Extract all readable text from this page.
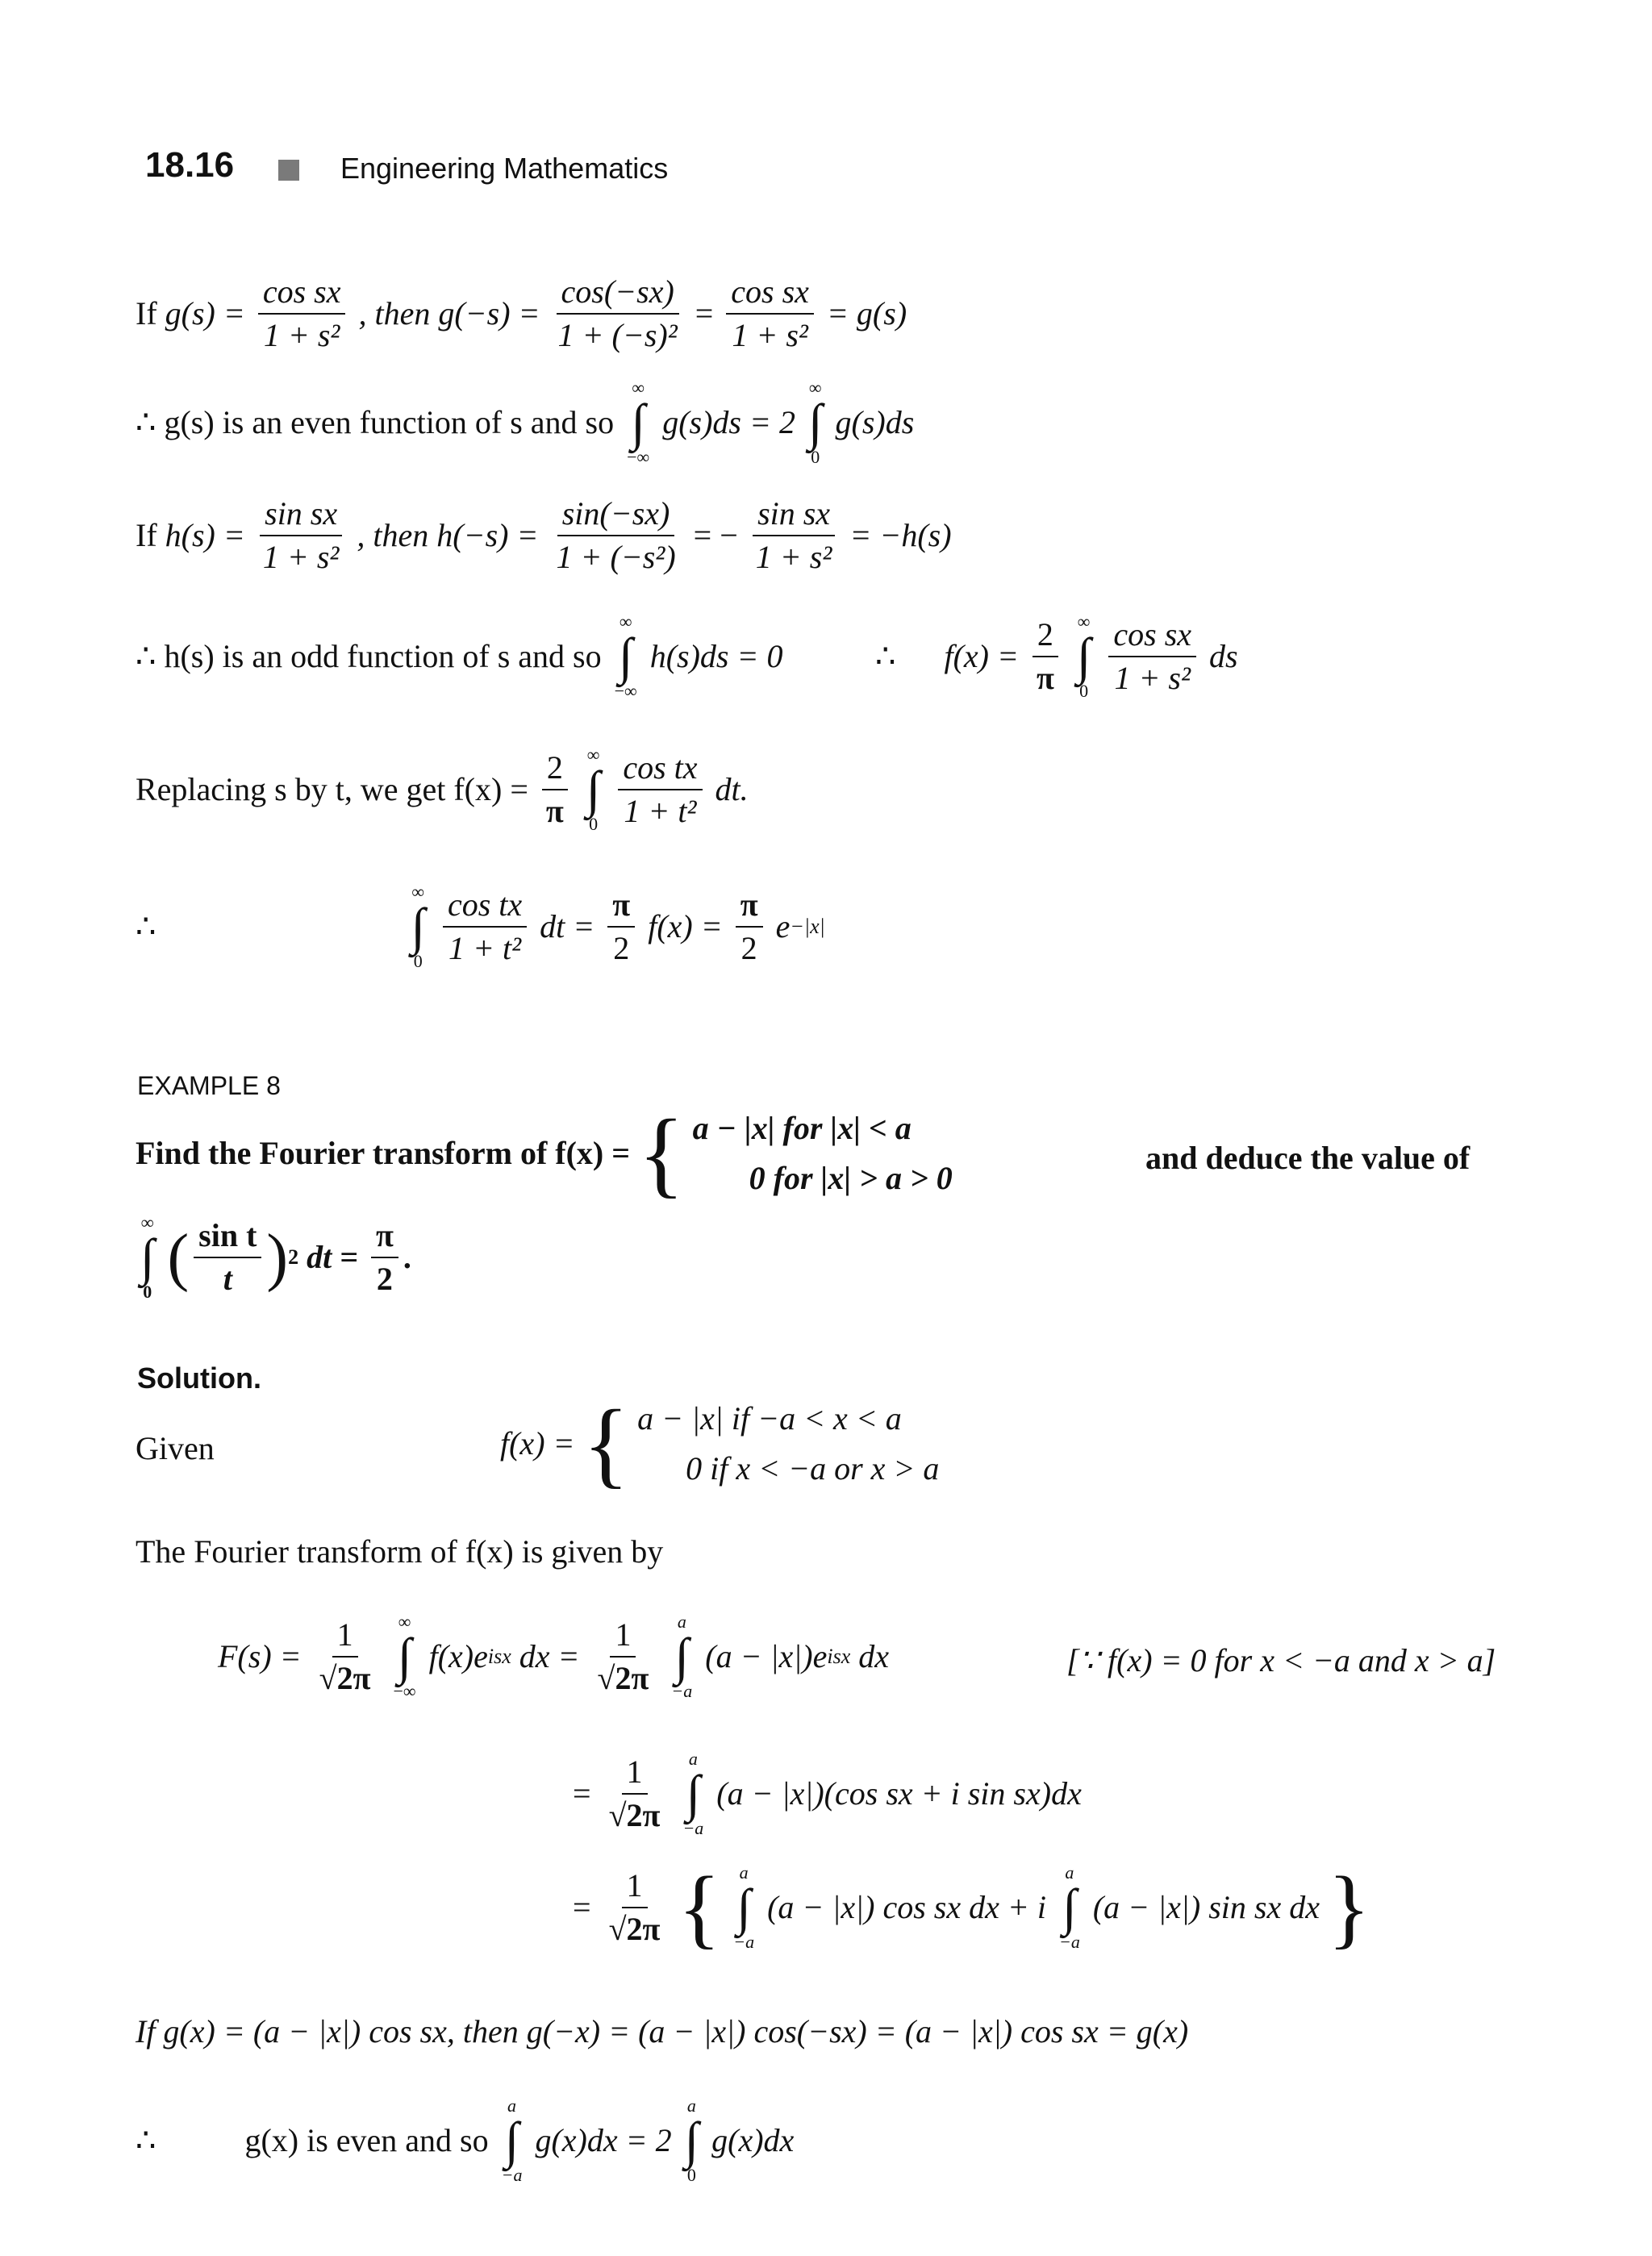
18.16	Engineering Mathematics
If $g(s) = \frac{\text{cos sx}}{\text{1 + s²}}$ , then $g(-s) = \frac{\cos(-sx)}{\text{1 + (−s)²}} = \frac{\text{cos sx}}{\text{1 + s²}} = g(s)$
∴ g(s) is an even function of s and so
∞
∫
−∞
g(s)ds = 2
∞
∫
0
g(s)ds
If $h(s) = \frac{\text{sin sx}}{\text{1 + s²}}$ , then $h(-s) = \frac{\sin(-sx)}{\text{1 + (−s²)}}$ = − $\frac{\text{sin sx}}{\text{1 + s²}} = -h(s)$
∴ h(s) is an odd function of s and so
∞
∫
−∞
h(s)ds = 0	∴ $f(x) = \frac{2}{\pi}$
∞
∫
0
$\frac{\text{cos sx}}{\text{1 + s²}}$ ds
Replacing s by t, we get $f(x) = \frac{2}{\pi}$
∞
∫
0
$\frac{\text{cos tx}}{\text{1 + t²}}$ dt.
∴
∞
∫
0
$\frac{\text{cos tx}}{\text{1 + t²}}$ dt = $\frac{\pi}{2} f(x) = \frac{\pi}{2} e-|x|$
EXAMPLE 8
Find the Fourier transform of f(x) = { a − |x| for |x| < a
0 for |x| > a > 0
and deduce the value of
∞
∫
0 ( $\frac{\text{sin t}}{t} )2$ dt = $\frac{\pi}{2}$ .
Solution.
Given	f(x) = { a − |x| if −a < x < a
0 if x < −a or x > a
The Fourier transform of f(x) is given by
$F(s) = \frac{1}{√2\pi}$
∞
∫
−∞
f(x)eisx dx = $\frac{1}{√2\pi}$
a
∫
−a
(a − |x|)eisx dx	[∵ f(x) = 0 for x < −a and x > a]
= $\frac{1}{√2\pi}$
a
∫
−a
(a − |x|)(cos sx + i sin sx)dx
= $\frac{1}{√2\pi}$ { a
∫
−a
(a − |x|) cos sx dx + i
a
∫
−a
(a − |x|) sin sx dx }
If g(x) = (a − |x|) cos sx, then g(−x) = (a − |x|) cos(−sx) = (a − |x|) cos sx = g(x)
∴	g(x) is even and so
a
∫
−a
g(x)dx = 2
a
∫
0
g(x)dx
